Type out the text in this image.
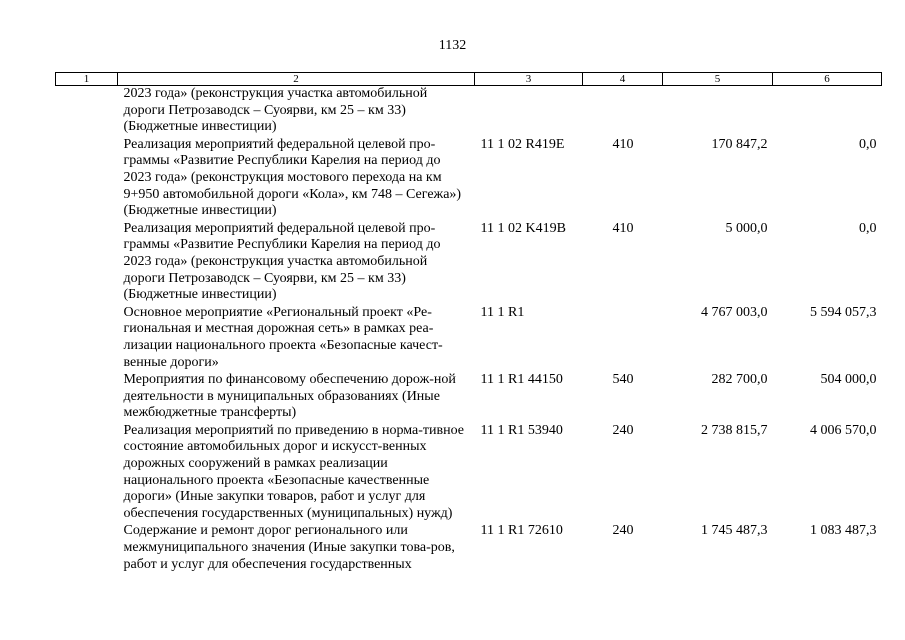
1132
1	2	3	4	5	6
	2023 года» (реконструкция участка автомобильной дороги Петрозаводск – Суоярви, км 25 – км 33) (Бюджетные инвестиции)				
	Реализация мероприятий федеральной целевой про-граммы «Развитие Республики Карелия на период до 2023 года» (реконструкция мостового перехода на км 9+950 автомобильной дороги «Кола», км 748 – Сегежа») (Бюджетные инвестиции)	11 1 02 R419E	410	170 847,2	0,0
	Реализация мероприятий федеральной целевой про-граммы «Развитие Республики Карелия на период до 2023 года» (реконструкция участка автомобильной дороги Петрозаводск – Суоярви, км 25 – км 33) (Бюджетные инвестиции)	11 1 02 K419B	410	5 000,0	0,0
	Основное мероприятие «Региональный проект «Ре-гиональная и местная дорожная сеть» в рамках реа-лизации национального проекта «Безопасные качест-венные дороги»	11 1 R1		4 767 003,0	5 594 057,3
	Мероприятия по финансовому обеспечению дорож-ной деятельности в муниципальных образованиях (Иные межбюджетные трансферты)	11 1 R1 44150	540	282 700,0	504 000,0
	Реализация мероприятий по приведению в норма-тивное состояние автомобильных дорог и искусст-венных дорожных сооружений в рамках реализации национального проекта «Безопасные качественные дороги» (Иные закупки товаров, работ и услуг для обеспечения государственных (муниципальных) нужд)	11 1 R1 53940	240	2 738 815,7	4 006 570,0
	Содержание и ремонт дорог регионального или межмуниципального значения (Иные закупки това-ров, работ и услуг для обеспечения государственных	11 1 R1 72610	240	1 745 487,3	1 083 487,3
